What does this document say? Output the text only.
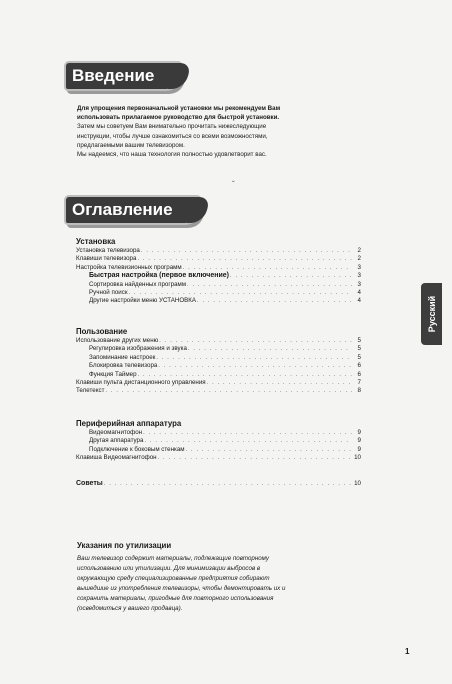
Введение
Для упрощения первоначальной установки мы рекомендуем Вам
использовать прилагаемое руководство для быстрой установки.
Затем мы советуем Вам внимательно прочитать нижеследующие
инструкции, чтобы лучше ознакомиться со всеми возможностями,
предлагаемыми вашим телевизором.
Мы надеемся, что наша технология полностью удовлетворит вас.
ˇ
Оглавление
Установка
Установка телевизора . . .	2
Клавиши телевизора . . .	2
Настройка телевизионных программ . . .	3
Быстрая настройка (первое включение) . . .	3
Сортировка найденных программ . . .	3
Ручной поиск . . .	4
Другие настройки меню УСТАНОВКА . . .	4
Пользование
Использование других меню . . .	5
Регулировка изображения и звука . . .	5
Запоминание настроек . . .	5
Блокировка телевизора . . .	6
Функция Таймер . . .	6
Клавиши пульта дистанционного управления . . .	7
Телетекст . . .	8
Периферийная аппаратура
Видеомагнитофон . . .	9
Другая аппаратура . . .	9
Подключение к боковым стенкам . . .	9
Клавиша Видеомагнитофон . . .	10
Советы . . .	10
Русский
Указания по утилизации

Ваш телевизор содержит материалы, подлежащие повторному
использованию или утилизации. Для минимизации выбросов в
окружающую среду специализированные предприятия собирают
вышедшие из употребления телевизоры, чтобы демонтировать их и
сохранить материалы, пригодные для повторного использования
(осведомиться у вашего продавца).

1
